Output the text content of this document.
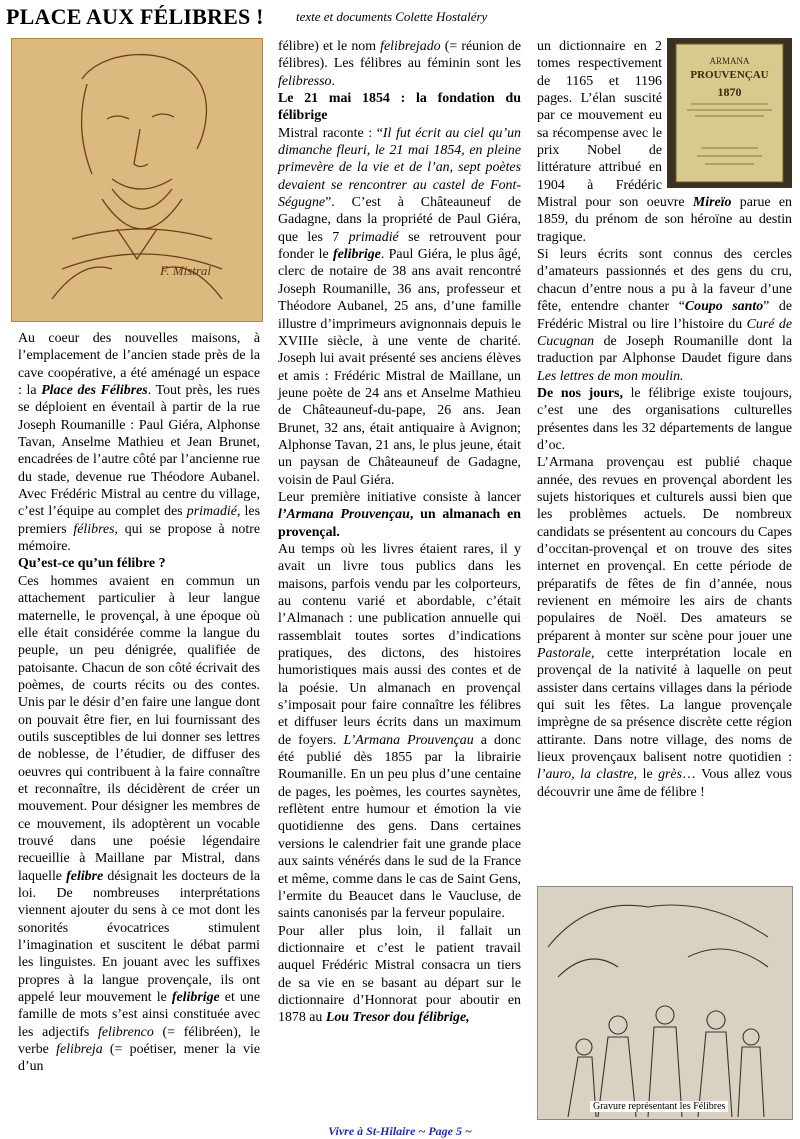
PLACE AUX FÉLIBRES ! texte et documents Colette Hostaléry
F. Mistral
ARMANA
PROUVENÇAU
1870

Au coeur des nouvelles maisons, à l’emplacement de l’ancien stade près de la cave coopérative, a été aménagé un espace : la Place des Félibres. Tout près, les rues se déploient en éventail à partir de la rue Joseph Roumanille : Paul Giéra, Alphonse Tavan, Anselme Mathieu et Jean Brunet, encadrées de l’autre côté par l’ancienne rue du stade, devenue rue Théodore Aubanel. Avec Frédéric Mistral au centre du village, c’est l’équipe au complet des primadié, les premiers félibres, qui se propose à notre mémoire.

Qu’est-ce qu’un félibre ?

Ces hommes avaient en commun un attachement particulier à leur langue maternelle, le provençal, à une époque où elle était considérée comme la langue du peuple, un peu dénigrée, qualifiée de patoisante. Chacun de son côté écrivait des poèmes, de courts récits ou des contes. Unis par le désir d’en faire une langue dont on pouvait être fier, en lui fournissant des outils susceptibles de lui donner ses lettres de noblesse, de l’étudier, de diffuser des oeuvres qui contribuent à la faire connaître et reconnaître, ils décidèrent de créer un mouvement. Pour désigner les membres de ce mouvement, ils adoptèrent un vocable trouvé dans une poésie légendaire recueillie à Maillane par Mistral, dans laquelle felibre désignait les docteurs de la loi. De nombreuses interprétations viennent ajouter du sens à ce mot dont les sonorités évocatrices stimulent l’imagination et suscitent le débat parmi les linguistes. En jouant avec les suffixes propres à la langue provençale, ils ont appelé leur mouvement le felibrige et une famille de mots s’est ainsi constituée avec les adjectifs felibrenco (= félibréen), le verbe felibreja (= poétiser, mener la vie d’un

félibre) et le nom felibrejado (= réunion de félibres). Les félibres au féminin sont les felibresso.

Le 21 mai 1854 : la fondation du félibrige

Mistral raconte : “Il fut écrit au ciel qu’un dimanche fleuri, le 21 mai 1854, en pleine primevère de la vie et de l’an, sept poètes devaient se rencontrer au castel de Font-Ségugne”. C’est à Châteauneuf de Gadagne, dans la propriété de Paul Giéra, que les 7 primadié se retrouvent pour fonder le felibrige. Paul Giéra, le plus âgé, clerc de notaire de 38 ans avait rencontré Joseph Roumanille, 36 ans, professeur et Théodore Aubanel, 25 ans, d’une famille illustre d’imprimeurs avignonnais depuis le XVIIIe siècle, à une vente de charité. Joseph lui avait présenté ses anciens élèves et amis : Frédéric Mistral de Maillane, un jeune poète de 24 ans et Anselme Mathieu de Châteauneuf-du-pape, 26 ans. Jean Brunet, 32 ans, était antiquaire à Avignon; Alphonse Tavan, 21 ans, le plus jeune, était un paysan de Châteauneuf de Gadagne, voisin de Paul Giéra.

Leur première initiative consiste à lancer l’Armana Prouvençau, un almanach en provençal.

Au temps où les livres étaient rares, il y avait un livre tous publics dans les maisons, parfois vendu par les colporteurs, au contenu varié et abordable, c’était l’Almanach : une publication annuelle qui rassemblait toutes sortes d’indications pratiques, des dictons, des histoires humoristiques mais aussi des contes et de la poésie. Un almanach en provençal s’imposait pour faire connaître les félibres et diffuser leurs écrits dans un maximum de foyers. L’Armana Prouvençau a donc été publié dès 1855 par la librairie Roumanille. En un peu plus d’une centaine de pages, les poèmes, les courtes saynètes, reflètent entre humour et émotion la vie quotidienne des gens. Dans certaines versions le calendrier fait une grande place aux saints vénérés dans le sud de la France et même, comme dans le cas de Saint Gens, l’ermite du Beaucet dans le Vaucluse, de saints canonisés par la ferveur populaire.

Pour aller plus loin, il fallait un dictionnaire et c’est le patient travail auquel Frédéric Mistral consacra un tiers de sa vie en se basant au départ sur le dictionnaire d’Honnorat pour aboutir en 1878 au Lou Tresor dou félibrige,

un dictionnaire en 2 tomes respectivement de 1165 et 1196 pages. L’élan suscité par ce mouvement eu sa récompense avec le prix Nobel de littérature attribué en 1904 à Frédéric Mistral pour son oeuvre Mireïo parue en 1859, du prénom de son héroïne au destin tragique.

Si leurs écrits sont connus des cercles d’amateurs passionnés et des gens du cru, chacun d’entre nous a pu à la faveur d’une fête, entendre chanter “Coupo santo” de Frédéric Mistral ou lire l’histoire du Curé de Cucugnan de Joseph Roumanille dont la traduction par Alphonse Daudet figure dans Les lettres de mon moulin.

De nos jours, le félibrige existe toujours, c’est une des organisations culturelles présentes dans les 32 départements de langue d’oc.

L’Armana provençau est publié chaque année, des revues en provençal abordent les sujets historiques et culturels aussi bien que les problèmes actuels. De nombreux candidats se présentent au concours du Capes d’occitan-provençal et on trouve des sites internet en provençal. En cette période de préparatifs de fêtes de fin d’année, nous revienent en mémoire les airs de chants populaires de Noël. Des amateurs se préparent à monter sur scène pour jouer une Pastorale, cette interprétation locale en provençal de la nativité à laquelle on peut assister dans certains villages dans la période qui suit les fêtes. La langue provençale imprègne de sa présence discrète cette région attirante. Dans notre village, des noms de lieux provençaux balisent notre quotidien : l’auro, la clastre, le grès… Vous allez vous découvrir une âme de félibre !

Gravure représentant les Félibres
Vivre à St-Hilaire ~ Page 5 ~
